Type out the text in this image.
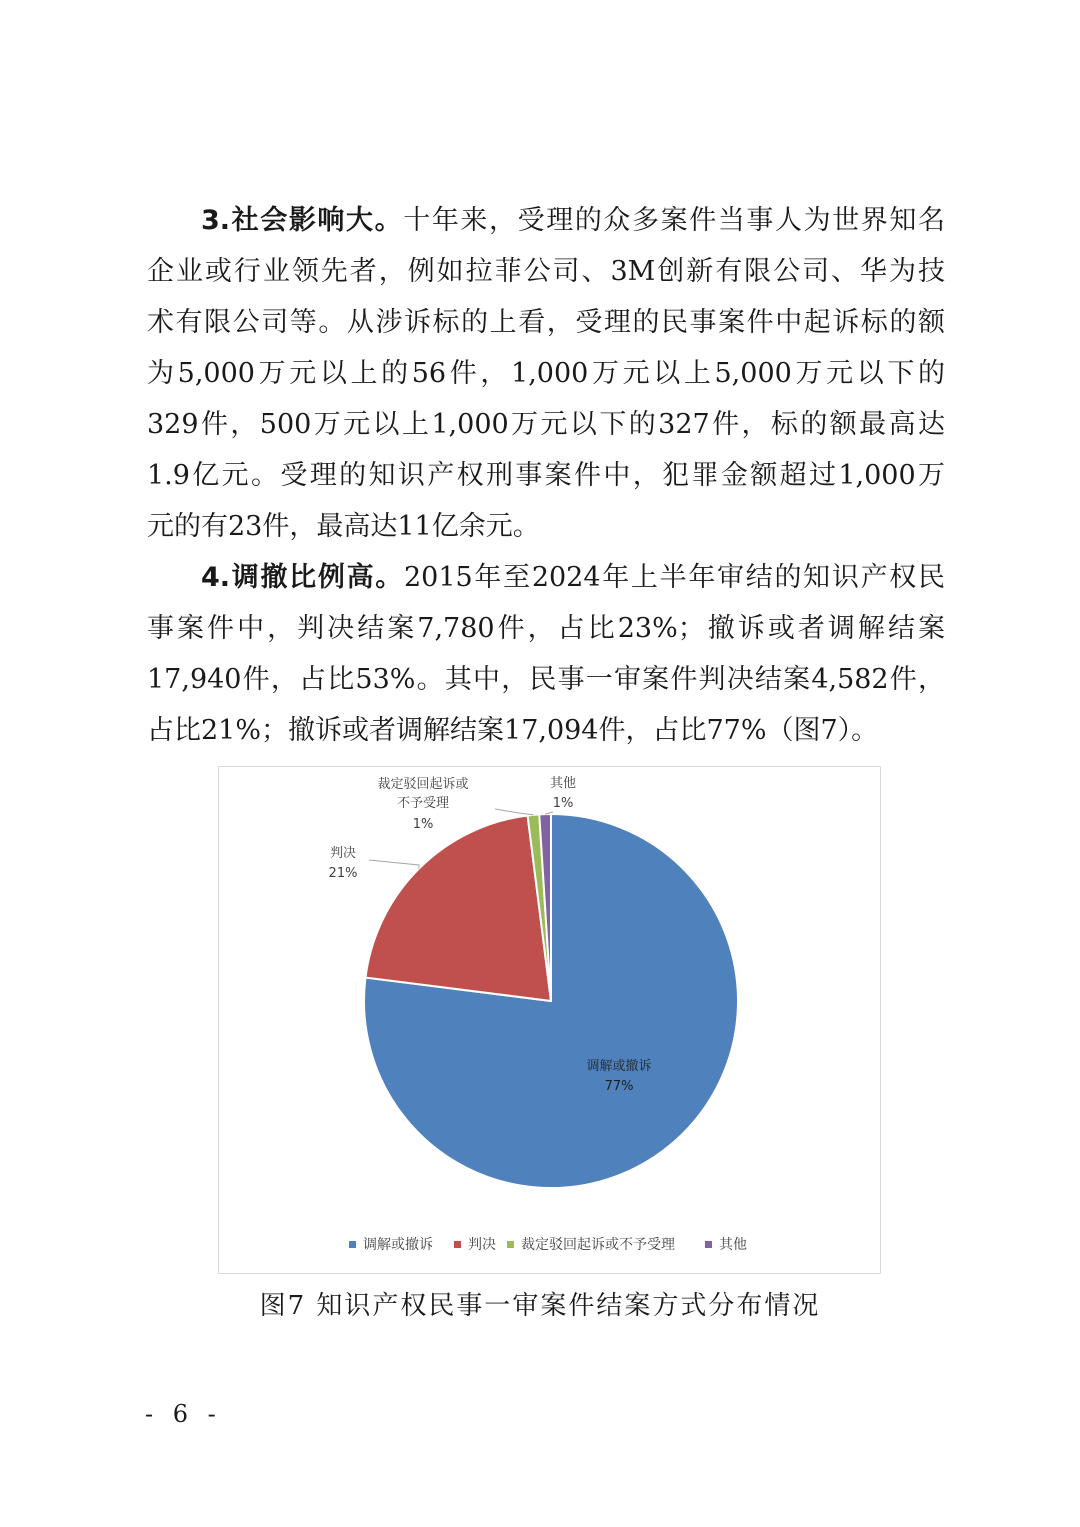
3.社会影响大。十年来，受理的众多案件当事人为世界知名
企业或行业领先者，例如拉菲公司、3M创新有限公司、华为技
术有限公司等。从涉诉标的上看，受理的民事案件中起诉标的额
为5,000万元以上的56件，1,000万元以上5,000万元以下的
329件，500万元以上1,000万元以下的327件，标的额最高达
1.9亿元。受理的知识产权刑事案件中，犯罪金额超过1,000万
元的有23件，最高达11亿余元。
4.调撤比例高。2015年至2024年上半年审结的知识产权民
事案件中，判决结案7,780件，占比23%；撤诉或者调解结案
17,940件，占比53%。其中，民事一审案件判决结案4,582件，
占比21%；撤诉或者调解结案17,094件，占比77%（图7）。
调解或撤诉
77%
判决
21%
裁定驳回起诉或
不予受理
1%
其他
1%
调解或撤诉	判决 裁定驳回起诉或不予受理	其他
图7 知识产权民事一审案件结案方式分布情况
- 6 -
